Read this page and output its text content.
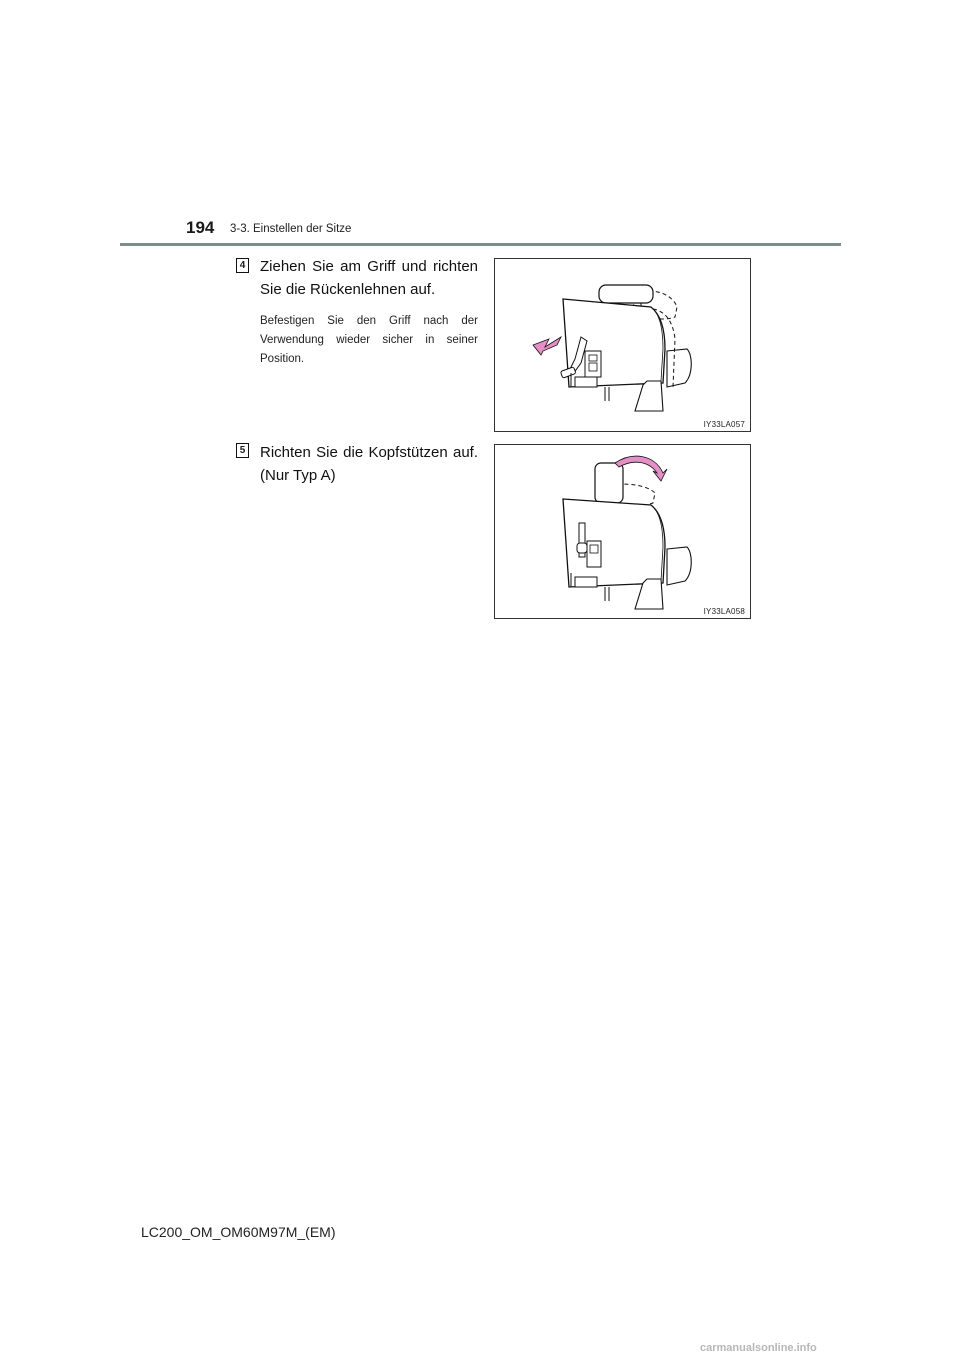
194 3-3. Einstellen der Sitze
4 Ziehen Sie am Griff und richten
Sie die Rückenlehnen auf.
Befestigen Sie den Griff nach der
Verwendung wieder sicher in seiner
Position.
IY33LA057
5 Richten Sie die Kopfstützen auf.
(Nur Typ A)
IY33LA058
LC200_OM_OM60M97M_(EM)
carmanualsonline.info
